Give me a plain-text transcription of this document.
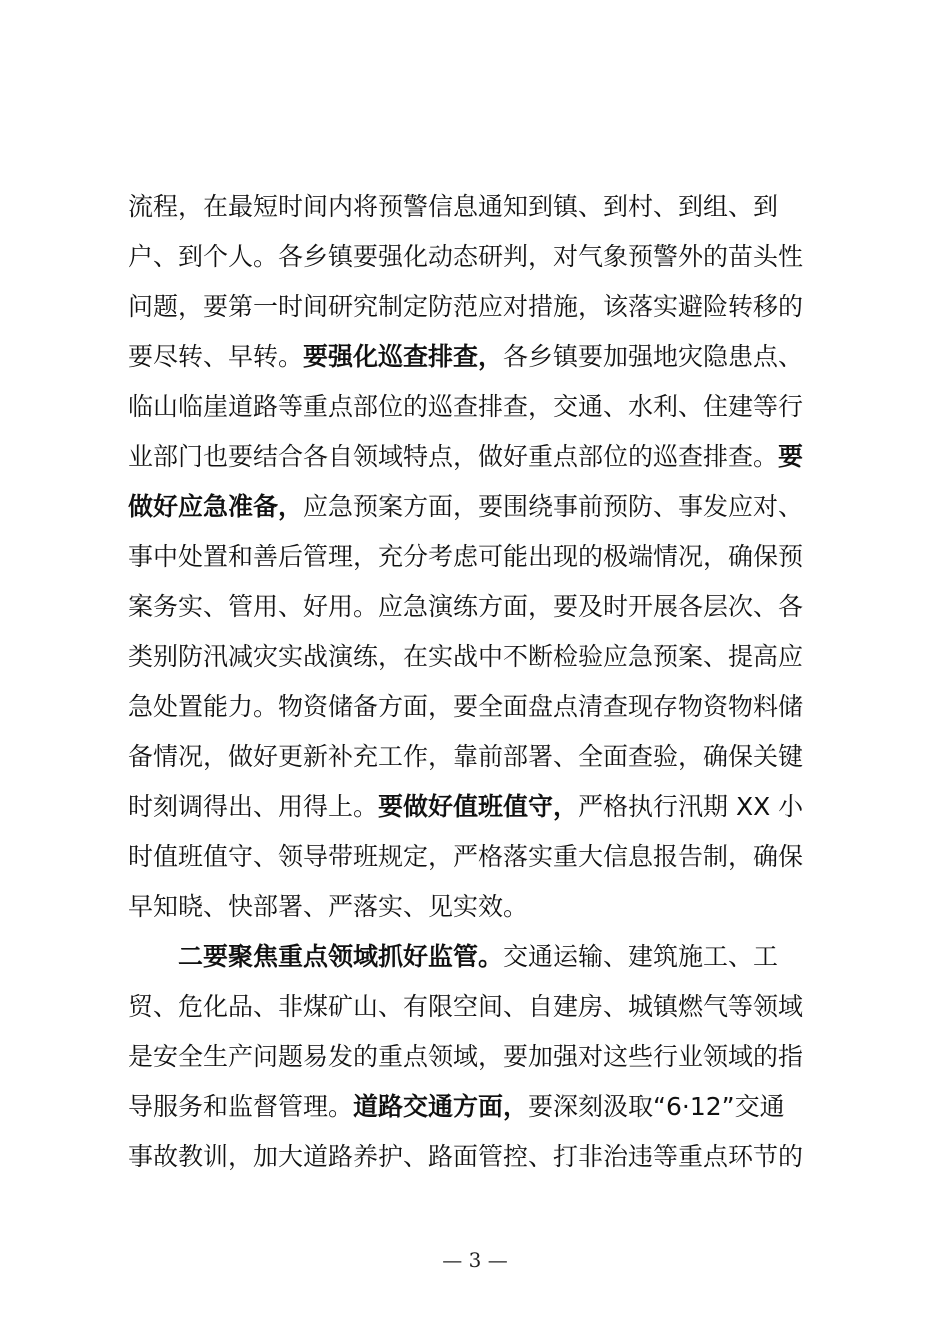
流程，在最短时间内将预警信息通知到镇、到村、到组、到
户、到个人。各乡镇要强化动态研判，对气象预警外的苗头性
问题，要第一时间研究制定防范应对措施，该落实避险转移的
要尽转、早转。要强化巡查排查，各乡镇要加强地灾隐患点、
临山临崖道路等重点部位的巡查排查，交通、水利、住建等行
业部门也要结合各自领域特点，做好重点部位的巡查排查。要
做好应急准备，应急预案方面，要围绕事前预防、事发应对、
事中处置和善后管理，充分考虑可能出现的极端情况，确保预
案务实、管用、好用。应急演练方面，要及时开展各层次、各
类别防汛减灾实战演练，在实战中不断检验应急预案、提高应
急处置能力。物资储备方面，要全面盘点清查现存物资物料储
备情况，做好更新补充工作，靠前部署、全面查验，确保关键
时刻调得出、用得上。要做好值班值守，严格执行汛期 XX 小
时值班值守、领导带班规定，严格落实重大信息报告制，确保
早知晓、快部署、严落实、见实效。
二要聚焦重点领域抓好监管。交通运输、建筑施工、工
贸、危化品、非煤矿山、有限空间、自建房、城镇燃气等领域
是安全生产问题易发的重点领域，要加强对这些行业领域的指
导服务和监督管理。道路交通方面，要深刻汲取“6·12”交通
事故教训，加大道路养护、路面管控、打非治违等重点环节的
— 3 —
